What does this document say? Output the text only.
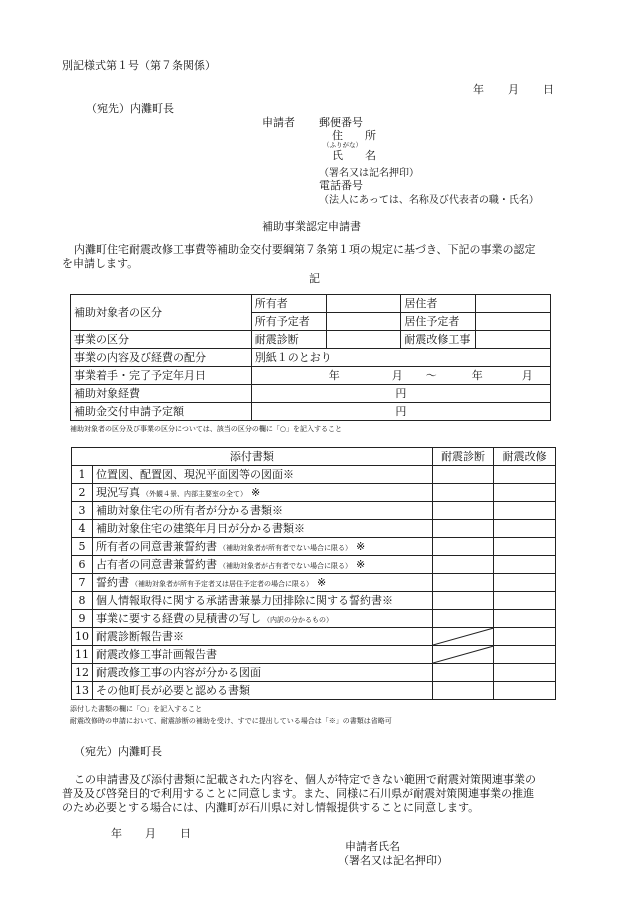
別記様式第１号（第７条関係）
年 月 日
（宛先）内灘町長
申請者 郵便番号
住　　所
（ふりがな）
氏　　名
（署名又は記名押印）
電話番号
（法人にあっては、名称及び代表者の職・氏名）
補助事業認定申請書
内灘町住宅耐震改修工事費等補助金交付要綱第７条第１項の規定に基づき、下記の事業の認定
を申請します。
記
補助対象者の区分	所有者		居住者	
	所有予定者		居住予定者	
事業の区分	耐震診断		耐震改修工事	
事業の内容及び経費の配分	別紙１のとおり			
事業着手・完了予定年月日	年 月 ～ 年 月			

補助対象経費	円			
補助金交付申請予定額	円			
補助対象者の区分及び事業の区分については、該当の区分の欄に「○」を記入すること
添付書類		耐震診断	耐震改修
1	位置図、配置図、現況平面図等の図面※		
2	現況写真 （外観４景、内部主要室の全て） ※		
3	補助対象住宅の所有者が分かる書類※		
4	補助対象住宅の建築年月日が分かる書類※		
5	所有者の同意書兼誓約書 （補助対象者が所有者でない場合に限る） ※		
6	占有者の同意書兼誓約書 （補助対象者が占有者でない場合に限る） ※		
7	誓約書 （補助対象者が所有予定者又は居住予定者の場合に限る） ※		
8	個人情報取得に関する承諾書兼暴力団排除に関する誓約書※		
9	事業に要する経費の見積書の写し （内訳の分かるもの）		
10	耐震診断報告書※	

11	耐震改修工事計画報告書	

12	耐震改修工事の内容が分かる図面		
13	その他町長が必要と認める書類		
添付した書類の欄に「○」を記入すること
耐震改修時の申請において、耐震診断の補助を受け、すでに提出している場合は「※」の書類は省略可
（宛先）内灘町長
この申請書及び添付書類に記載された内容を、個人が特定できない範囲で耐震対策関連事業の
普及及び啓発目的で利用することに同意します。また、同様に石川県が耐震対策関連事業の推進
のため必要とする場合には、内灘町が石川県に対し情報提供することに同意します。
年 月 日
申請者氏名
（署名又は記名押印）
